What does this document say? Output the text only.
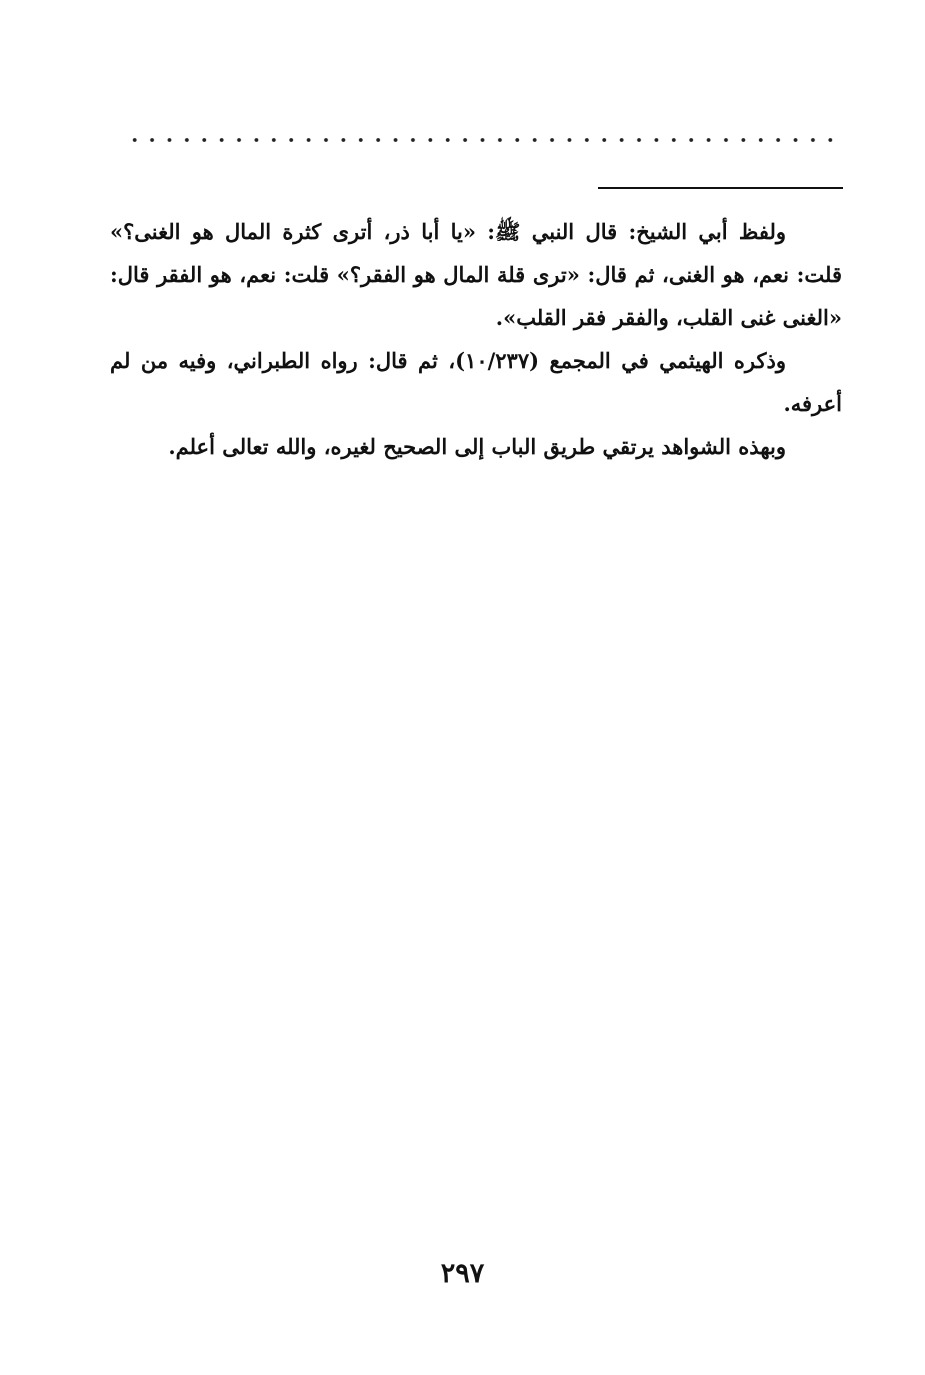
ولفظ أبي الشيخ: قال النبي ﷺ: «يا أبا ذر، أترى كثرة المال هو الغنى؟» قلت: نعم، هو الغنى، ثم قال: «ترى قلة المال هو الفقر؟» قلت: نعم، هو الفقر قال: «الغنى غنى القلب، والفقر فقر القلب».

وذكره الهيثمي في المجمع (١٠/٢٣٧)، ثم قال: رواه الطبراني، وفيه من لم أعرفه.

وبهذه الشواهد يرتقي طريق الباب إلى الصحيح لغيره، والله تعالى أعلم.

٢٩٧
